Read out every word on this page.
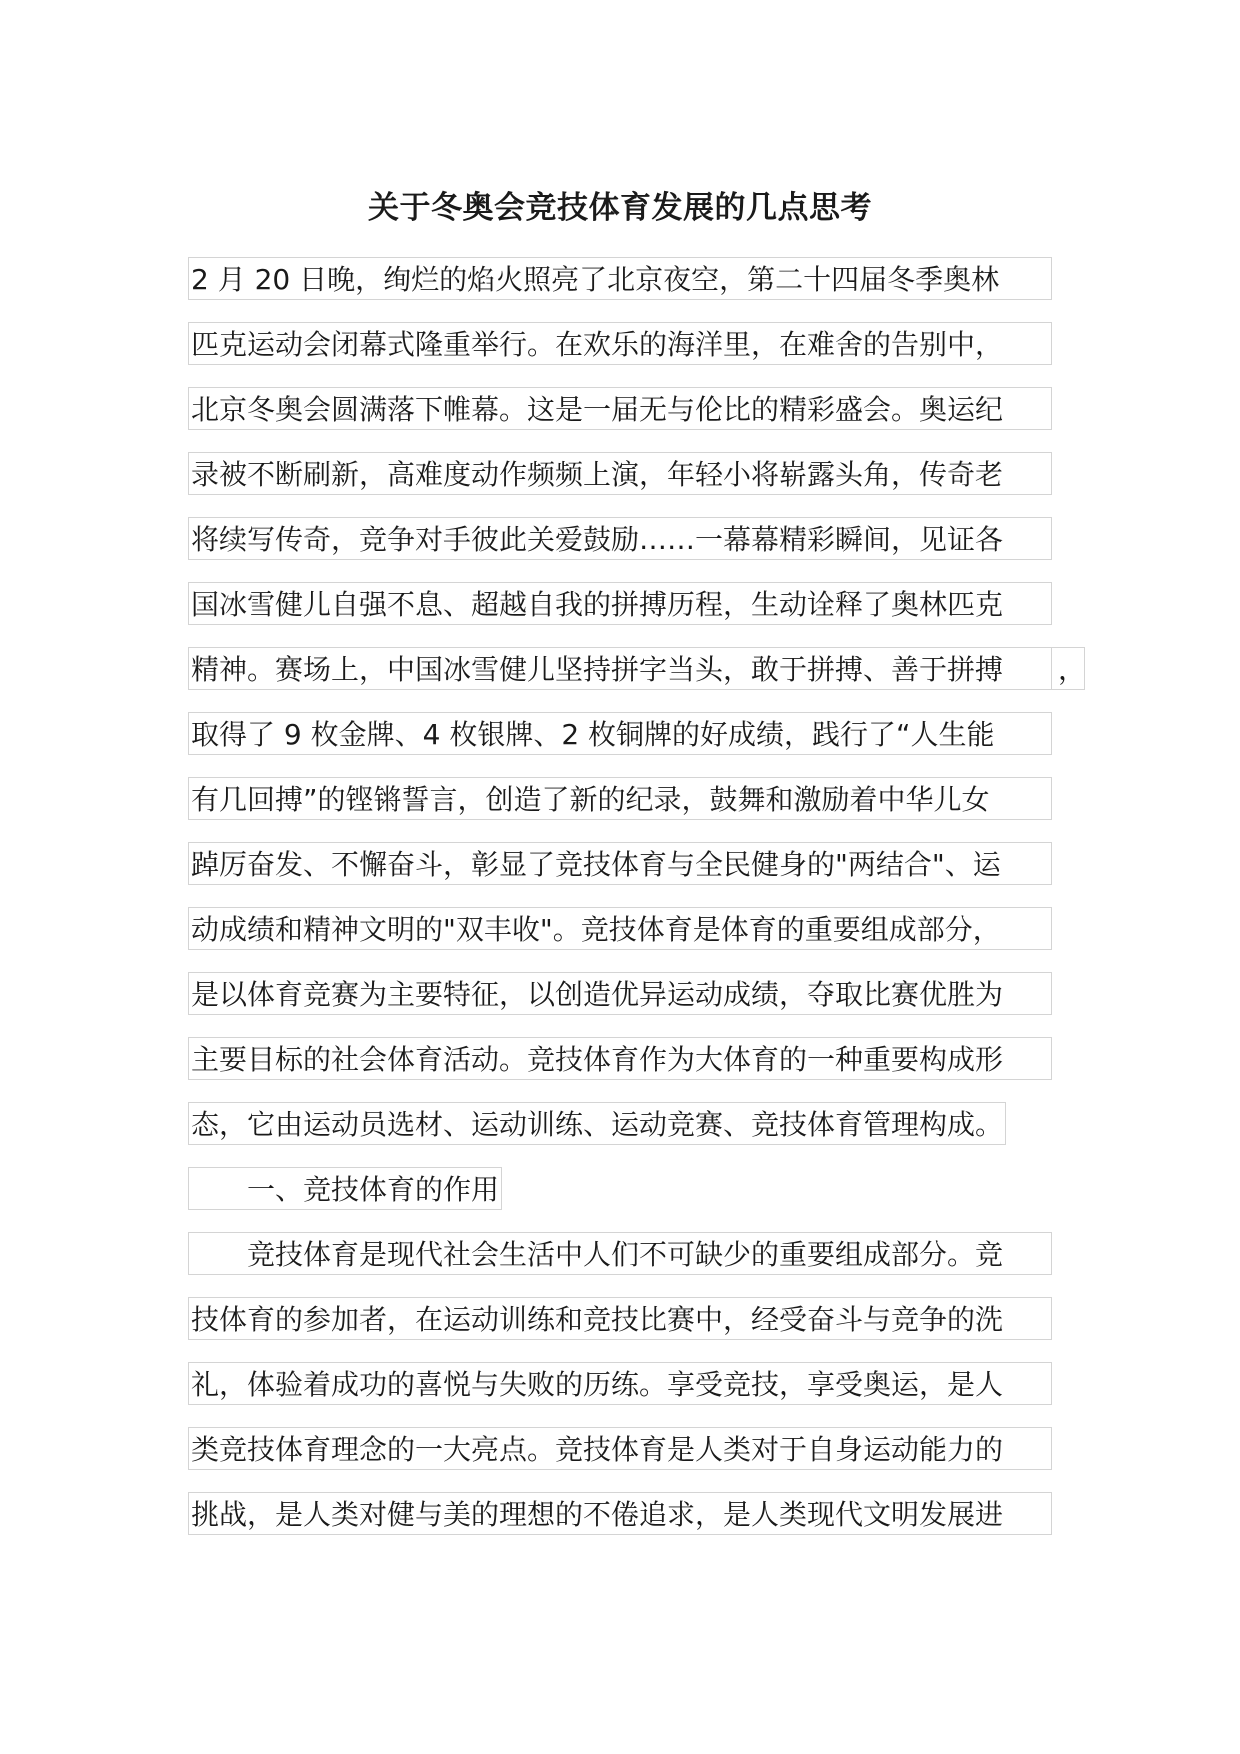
关于冬奥会竞技体育发展的几点思考
2 月 20 日晚，绚烂的焰火照亮了北京夜空，第二十四届冬季奥林
匹克运动会闭幕式隆重举行。在欢乐的海洋里，在难舍的告别中，
北京冬奥会圆满落下帷幕。这是一届无与伦比的精彩盛会。奥运纪
录被不断刷新，高难度动作频频上演，年轻小将崭露头角，传奇老
将续写传奇，竞争对手彼此关爱鼓励……一幕幕精彩瞬间，见证各
国冰雪健儿自强不息、超越自我的拼搏历程，生动诠释了奥林匹克
精神。赛场上，中国冰雪健儿坚持拼字当头，敢于拼搏、善于拼搏	，
取得了 9 枚金牌、4 枚银牌、2 枚铜牌的好成绩，践行了“人生能
有几回搏”的铿锵誓言，创造了新的纪录，鼓舞和激励着中华儿女
踔厉奋发、不懈奋斗，彰显了竞技体育与全民健身的"两结合"、运
动成绩和精神文明的"双丰收"。竞技体育是体育的重要组成部分，
是以体育竞赛为主要特征，以创造优异运动成绩，夺取比赛优胜为
主要目标的社会体育活动。竞技体育作为大体育的一种重要构成形
态，它由运动员选材、运动训练、运动竞赛、竞技体育管理构成。
一、竞技体育的作用
竞技体育是现代社会生活中人们不可缺少的重要组成部分。竞
技体育的参加者，在运动训练和竞技比赛中，经受奋斗与竞争的洗
礼，体验着成功的喜悦与失败的历练。享受竞技，享受奥运，是人
类竞技体育理念的一大亮点。竞技体育是人类对于自身运动能力的
挑战，是人类对健与美的理想的不倦追求，是人类现代文明发展进
